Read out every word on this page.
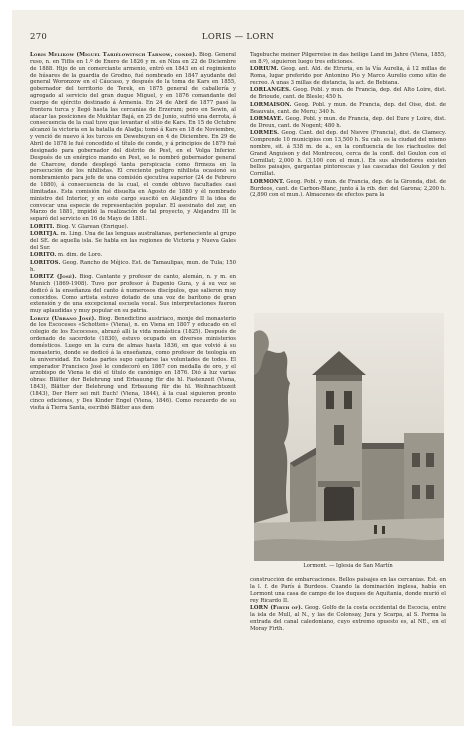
270	LORIS — LORN
Loris Melikow (Miguel Tariélowitsch Tarnow, conde). Biog. General ruso, n. en Tiflis en 1.º de Enero de 1826 y m. en Niza en 22 de Diciembre de 1888. Hijo de un comerciante armenio, entró en 1843 en el regimiento de húsares de la guardia de Grodno, fué nombrado en 1847 ayudante del general Woronzow en el Cáucaso, y después de la toma de Kars en 1855, gobernador del territorio de Terek, en 1875 general de caballería y agregado al servicio del gran duque Miguel, y en 1876 comandante del cuerpo de ejército destinado á Armenia. En 24 de Abril de 1877 pasó la frontera turca y llegó hasta las cercanías de Erzerum; pero en Sewin, al atacar las posiciones de Mukhtar Bajá, en 25 de Junio, sufrió una derrota, á consecuencia de la cual tuvo que levantar el sitio de Kars. En 15 de Octubre alcanzó la victoria en la batalla de Aladja; tomó á Kars en 18 de Noviembre, y venció de nuevo á los turcos en Dewebuyun en 4 de Diciembre. En 29 de Abril de 1878 le fué concedido el título de conde, y á principios de 1879 fué designado para gobernador del distrito de Pest, en el Volga Inferior. Después de un enérgico mando en Pest, se le nombró gobernador general de Charcow, donde desplegó tanta perspicacia como firmeza en la persecución de los nihilistas. El creciente peligro nihilista ocasionó su nombramiento para jefe de una comisión ejecutiva superior (24 de Febrero de 1880), á consecuencia de la cual, el conde obtuvo facultades casi ilimitadas. Esta comisión fué disuelta en Agosto de 1880 y él nombrado ministro del Interior, y en este cargo suscitó en Alejandro II la idea de convocar una especie de representación popular. El asesinato del zar, en Marzo de 1881, impidió la realización de tal proyecto, y Alejandro III le separó del servicio en 16 de Mayo de 1881.
LORITI. Biog. V. Glarean (Enrique).
LORITJA. m. Ling. Una de las lenguas australianas, perteneciente al grupo del SE. de aquella isla. Se habla en las regiones de Victoria y Nueva Gales del Sur.
LORITO. m. dim. de Loro.
LORITOS. Geog. Rancho de Méjico. Est. de Tamaulipas, mun. de Tula; 150 h.
LORITZ (José). Biog. Cantante y profesor de canto, alemán, n. y m. en Munich (1869-1908). Tuvo por profesor á Eugenio Gura, y á su vez se dedicó á la enseñanza del canto á numerosos discípulos, que salieron muy conocidos. Como artista estuvo dotado de una voz de barítono de gran extensión y de una excepcional escuela vocal. Sus interpretaciones fueron muy aplaudidas y muy popular en su patria.
Loritz (Urbano José). Biog. Benedictino austriaco, monje del monasterio de los Escoceses «Schotten» (Viena), n. en Viena en 1807 y educado en el colegio de los Escoceses, abrazó allí la vida monástica (1825). Después de ordenado de sacerdote (1830), estuvo ocupado en diversos ministerios domésticos. Luego en la cura de almas hasta 1836, en que volvió á su monasterio, donde se dedicó á la enseñanza, como profesor de teología en la universidad. En todas partes supo captarse las voluntades de todos. El emperador Francisco José le condecoró en 1867 con medalla de oro, y el arzobispo de Viena le dió el título de canónigo en 1876. Dió á luz varias obras: Blätter der Belehrung und Erbauung für die hl. Fastenzeit (Viena, 1843), Blätter der Belehrung und Erbauung für die hl. Weihnachtszeit (1843), Der Herr sei mit Euch! (Viena, 1844), á la cual siguieron pronto cinco ediciones, y Des Kinder Engel (Viena, 1846). Como recuerdo de su visita á Tierra Santa, escribió Blätter aus dem
Tagebuche meiner Pilgerreise in das heilige Land im Jahre (Viena, 1855, en 8.º), siguieron luego tres ediciones.
LORIUM. Geog. ant. Ald. de Etruria, en la Vía Aurelia, á 12 millas de Roma, lugar preferido por Antonino Pío y Marco Aurelio como sitio de recreo. A unas 3 millas de distancia, la act. de Bebiana.
LORLANGES. Geog. Pobl. y mun. de Francia, dep. del Alto Loire, dist. de Brioude, cant. de Blesle; 450 h.
LORMAISON. Geog. Pobl. y mun. de Francia, dep. del Oise, dist. de Beauvais, cant. de Meru; 340 h.
LORMAYE. Geog. Pobl. y mun. de Francia, dep. del Eure y Loire, dist. de Dreux, cant. de Nogent; 480 h.
LORMES. Geog. Cant. del dep. del Nievre (Francia), dist. de Clamecy. Comprende 10 municipios con 13,500 h. Su cab. es la ciudad del mismo nombre, sit. á 538 m. de a., en la confluencia de los riachuelos del Grand Anguison y del Montrecou, cerca de la confl. del Goulon con el Cornillat; 2,000 h. (3,100 con el mun.). En sus alrededores existen bellos paisajes, gargantas pintorescas y las cascadas del Goulon y del Cornillat.
LORMONT. Geog. Pobl. y mun. de Francia, dep. de la Gironda, dist. de Burdeos, cant. de Carbon-Blanc, junto á la rib. der. del Garona; 2,200 h. (2,890 con el mun.). Almacenes de efectos para la
Lormont. — Iglesia de San Martín
construcción de embarcaciones. Bellos paisajes en las cercanías. Est. en la l. f. de París á Burdeos. Cuando la dominación inglesa, había en Lormont una casa de campo de los duques de Aquitania, donde murió el rey Ricardo II.
LORN (Firth of). Geog. Golfo de la costa occidental de Escocia, entre la isla de Mull, al N., y las de Colonsay, Jura y Scarpa, al S. Forma la entrada del canal caledoniano, cuyo extremo opuesto es, al NE., en el Moray Firth.
